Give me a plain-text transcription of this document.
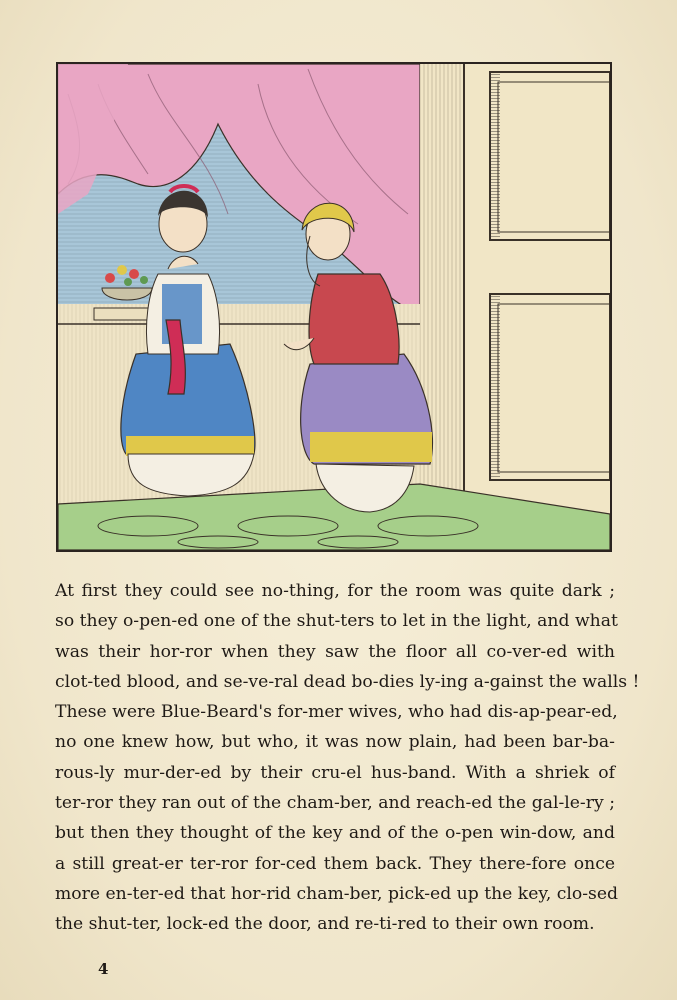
At first they could see no-thing, for the room was quite dark ;
so they o-pen-ed one of the shut-ters to let in the light, and what
was their hor-ror when they saw the floor all co-ver-ed with
clot-ted blood, and se-ve-ral dead bo-dies ly-ing a-gainst the walls !
These were Blue-Beard's for-mer wives, who had dis-ap-pear-ed,
no one knew how, but who, it was now plain, had been bar-ba-
rous-ly mur-der-ed by their cru-el hus-band. With a shriek of
ter-ror they ran out of the cham-ber, and reach-ed the gal-le-ry ;
but then they thought of the key and of the o-pen win-dow, and
a still great-er ter-ror for-ced them back. They there-fore once
more en-ter-ed that hor-rid cham-ber, pick-ed up the key, clo-sed
the shut-ter, lock-ed the door, and re-ti-red to their own room.
4
